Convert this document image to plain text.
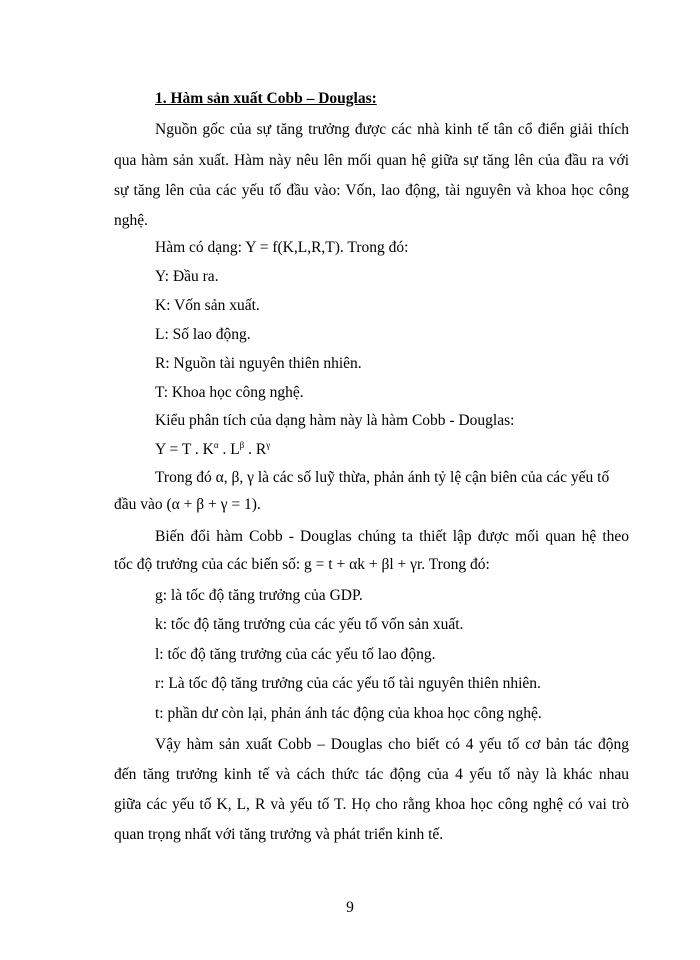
1. Hàm sản xuất Cobb – Douglas:
Nguồn gốc của sự tăng trưởng được các nhà kinh tế tân cổ điển giải thích
qua hàm sản xuất. Hàm này nêu lên mối quan hệ giữa sự tăng lên của đầu ra với
sự tăng lên của các yếu tố đầu vào: Vốn, lao động, tài nguyên và khoa học công
nghệ.
Hàm có dạng: Y = f(K,L,R,T). Trong đó:
Y: Đầu ra.
K: Vốn sản xuất.
L: Số lao động.
R: Nguồn tài nguyên thiên nhiên.
T: Khoa học công nghệ.
Kiểu phân tích của dạng hàm này là hàm Cobb - Douglas:
Y = T . $K^\alpha$ . $L^\beta$ . $R^\gamma$
Trong đó α, β, γ là các số luỹ thừa, phản ánh tỷ lệ cận biên của các yếu tố
đầu vào (α + β + γ = 1).
Biến đổi hàm Cobb - Douglas chúng ta thiết lập được mối quan hệ theo
tốc độ trưởng của các biến số: g = t + αk + βl + γr. Trong đó:
g: là tốc độ tăng trưởng của GDP.
k: tốc độ tăng trưởng của các yếu tố vốn sản xuất.
l: tốc độ tăng trưởng của các yếu tố lao động.
r: Là tốc độ tăng trưởng của các yếu tố tài nguyên thiên nhiên.
t: phần dư còn lại, phản ánh tác động của khoa học công nghệ.
Vậy hàm sản xuất Cobb – Douglas cho biết có 4 yếu tố cơ bản tác động
đến tăng trưởng kinh tế và cách thức tác động của 4 yếu tố này là khác nhau
giữa các yếu tố K, L, R và yếu tố T. Họ cho rằng khoa học công nghệ có vai trò
quan trọng nhất với tăng trưởng và phát triển kinh tế.
9
